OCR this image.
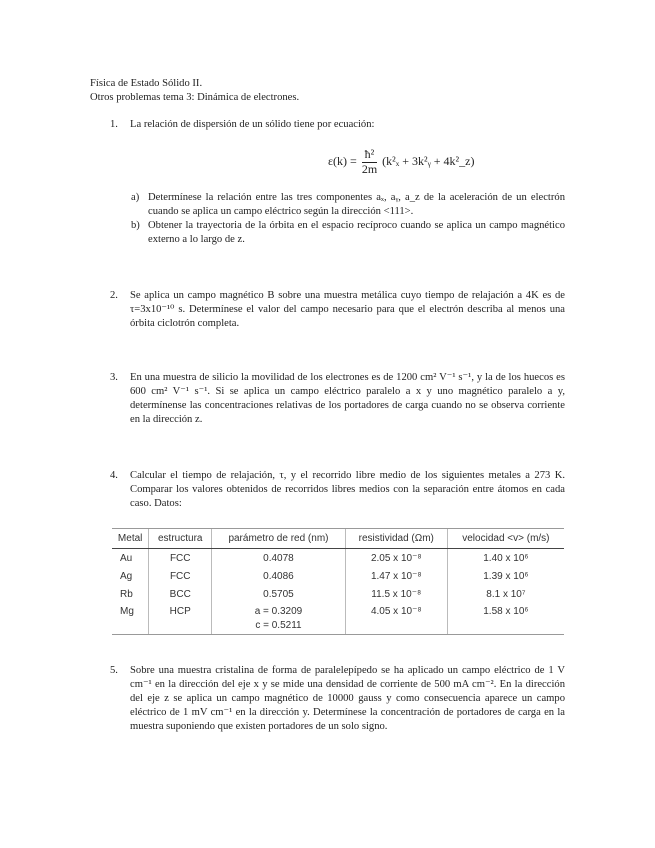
Física de Estado Sólido II.
Otros problemas tema 3: Dinámica de electrones.
1. La relación de dispersión de un sólido tiene por ecuación:
$\varepsilon(k) = \frac{\text{ħ²}}{2m} (k^2_x$ + 3k²ᵧ + 4k²_z)
a) Determínese la relación entre las tres componentes aₓ, aᵧ, a_z de la aceleración de un electrón cuando se aplica un campo eléctrico según la dirección <111>.
b) Obtener la trayectoria de la órbita en el espacio recíproco cuando se aplica un campo magnético externo a lo largo de z.
2. Se aplica un campo magnético B sobre una muestra metálica cuyo tiempo de relajación a 4K es de τ=3x10⁻¹⁰ s. Determínese el valor del campo necesario para que el electrón describa al menos una órbita ciclotrón completa.
3. En una muestra de silicio la movilidad de los electrones es de 1200 cm² V⁻¹ s⁻¹, y la de los huecos es 600 cm² V⁻¹ s⁻¹. Si se aplica un campo eléctrico paralelo a x y uno magnético paralelo a y, determínense las concentraciones relativas de los portadores de carga cuando no se observa corriente en la dirección z.
4. Calcular el tiempo de relajación, τ, y el recorrido libre medio de los siguientes metales a 273 K. Comparar los valores obtenidos de recorridos libres medios con la separación entre átomos en cada caso. Datos:
Metal	estructura	parámetro de red (nm)	resistividad (Ωm)	velocidad <v> (m/s)
Au	FCC	0.4078	2.05 x 10⁻⁸	1.40 x 10⁶
Ag	FCC	0.4086	1.47 x 10⁻⁸	1.39 x 10⁶
Rb	BCC	0.5705	11.5 x 10⁻⁸	8.1 x 10⁷
Mg	HCP	a = 0.3209
c = 0.5211	4.05 x 10⁻⁸	1.58 x 10⁶
5. Sobre una muestra cristalina de forma de paralelepípedo se ha aplicado un campo eléctrico de 1 V cm⁻¹ en la dirección del eje x y se mide una densidad de corriente de 500 mA cm⁻². En la dirección del eje z se aplica un campo magnético de 10000 gauss y como consecuencia aparece un campo eléctrico de 1 mV cm⁻¹ en la dirección y. Determínese la concentración de portadores de carga en la muestra suponiendo que existen portadores de un solo signo.
